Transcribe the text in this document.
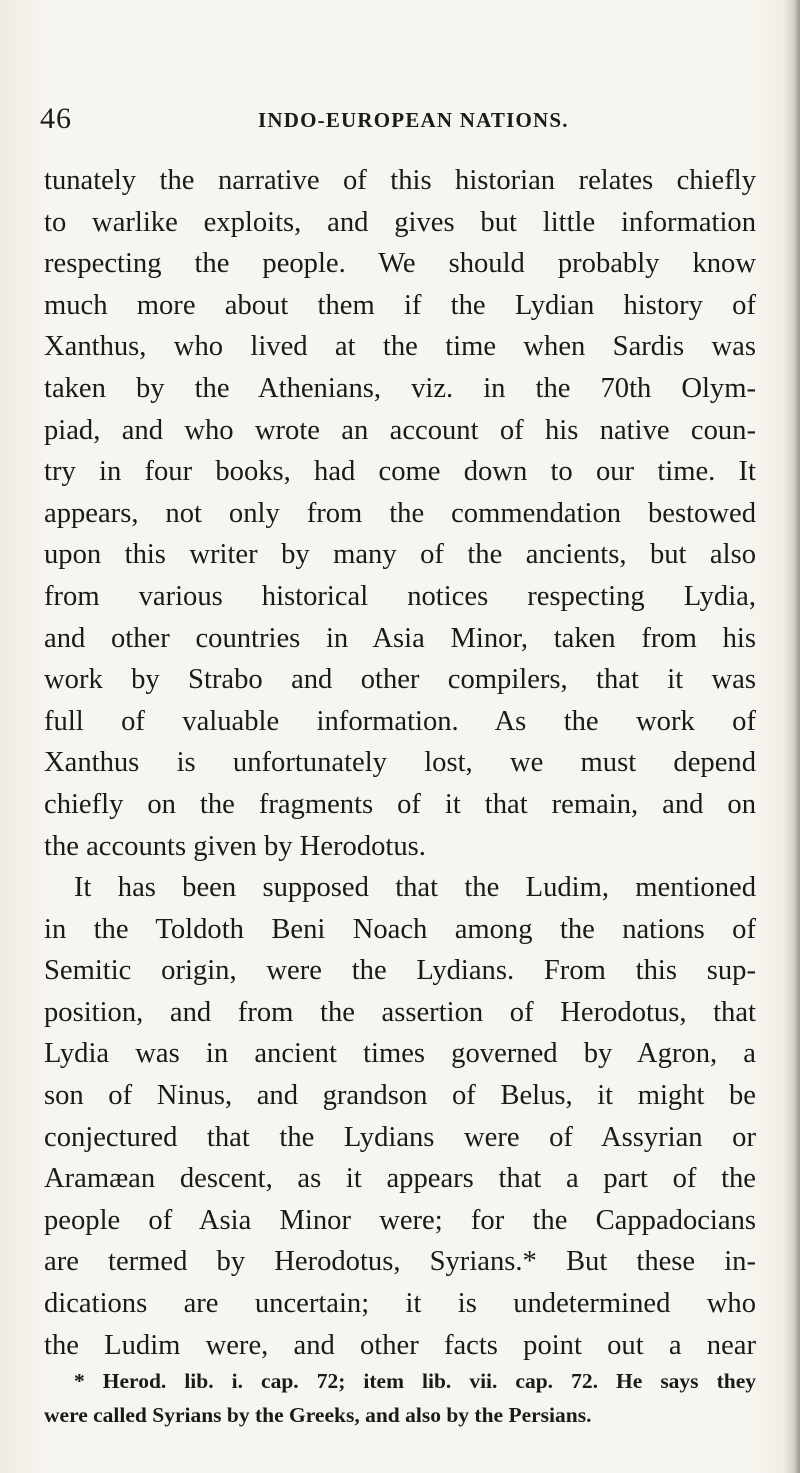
46	INDO-EUROPEAN NATIONS.
tunately the narrative of this historian relates chiefly
to warlike exploits, and gives but little information
respecting the people. We should probably know
much more about them if the Lydian history of
Xanthus, who lived at the time when Sardis was
taken by the Athenians, viz. in the 70th Olym-
piad, and who wrote an account of his native coun-
try in four books, had come down to our time. It
appears, not only from the commendation bestowed
upon this writer by many of the ancients, but also
from various historical notices respecting Lydia,
and other countries in Asia Minor, taken from his
work by Strabo and other compilers, that it was
full of valuable information. As the work of
Xanthus is unfortunately lost, we must depend
chiefly on the fragments of it that remain, and on
the accounts given by Herodotus.
It has been supposed that the Ludim, mentioned
in the Toldoth Beni Noach among the nations of
Semitic origin, were the Lydians. From this sup-
position, and from the assertion of Herodotus, that
Lydia was in ancient times governed by Agron, a
son of Ninus, and grandson of Belus, it might be
conjectured that the Lydians were of Assyrian or
Aramæan descent, as it appears that a part of the
people of Asia Minor were; for the Cappadocians
are termed by Herodotus, Syrians.* But these in-
dications are uncertain; it is undetermined who
the Ludim were, and other facts point out a near
* Herod. lib. i. cap. 72; item lib. vii. cap. 72. He says they
were called Syrians by the Greeks, and also by the Persians.
